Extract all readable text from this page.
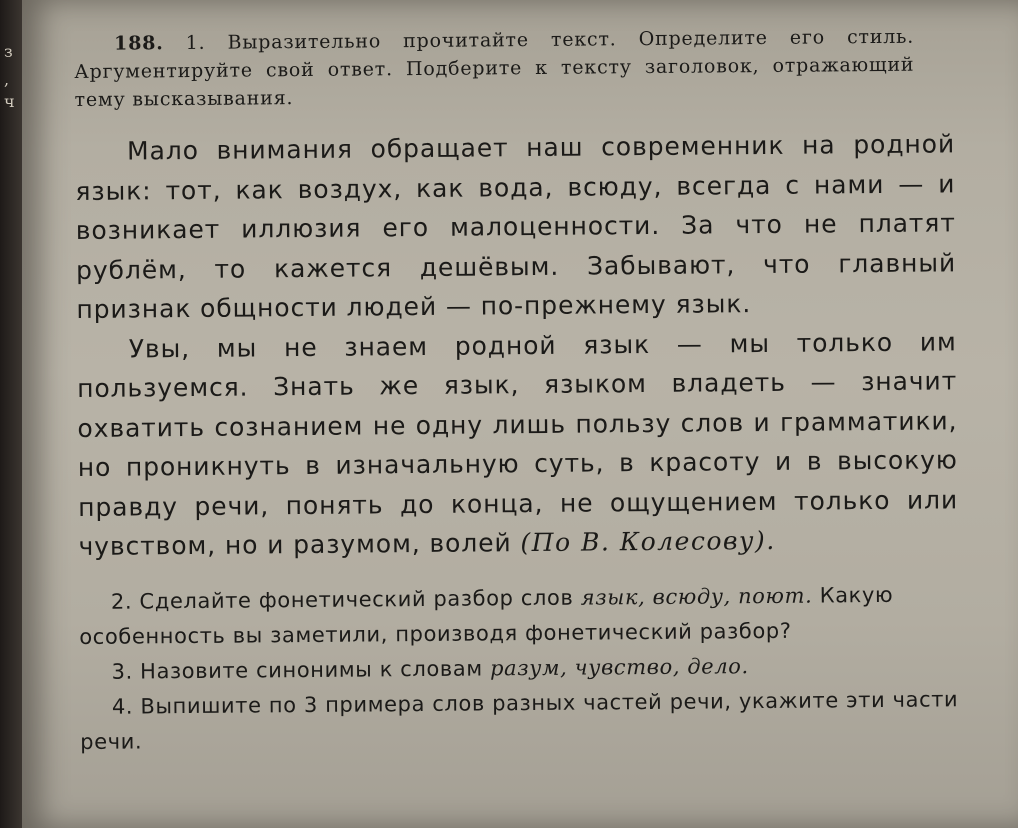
з
,
ч

188. 1. Выразительно прочитайте текст. Определите его стиль. Аргументируйте свой ответ. Подберите к тексту заголовок, отражающий тему высказывания.

Мало внимания обращает наш современник на родной язык: тот, как воздух, как вода, всюду, всегда с нами — и возникает иллюзия его малоценности. За что не платят рублём, то кажется дешёвым. Забывают, что главный признак общности людей — по-прежнему язык.

Увы, мы не знаем родной язык — мы только им пользуемся. Знать же язык, языком владеть — значит охватить сознанием не одну лишь пользу слов и грамматики, но проникнуть в изначальную суть, в красоту и в высокую правду речи, понять до конца, не ощущением только или чувством, но и разумом, волей (По В. Колесову).

2. Сделайте фонетический разбор слов язык, всюду, поют. Какую особенность вы заметили, производя фонетический разбор?

3. Назовите синонимы к словам разум, чувство, дело.

4. Выпишите по 3 примера слов разных частей речи, укажите эти части речи.
